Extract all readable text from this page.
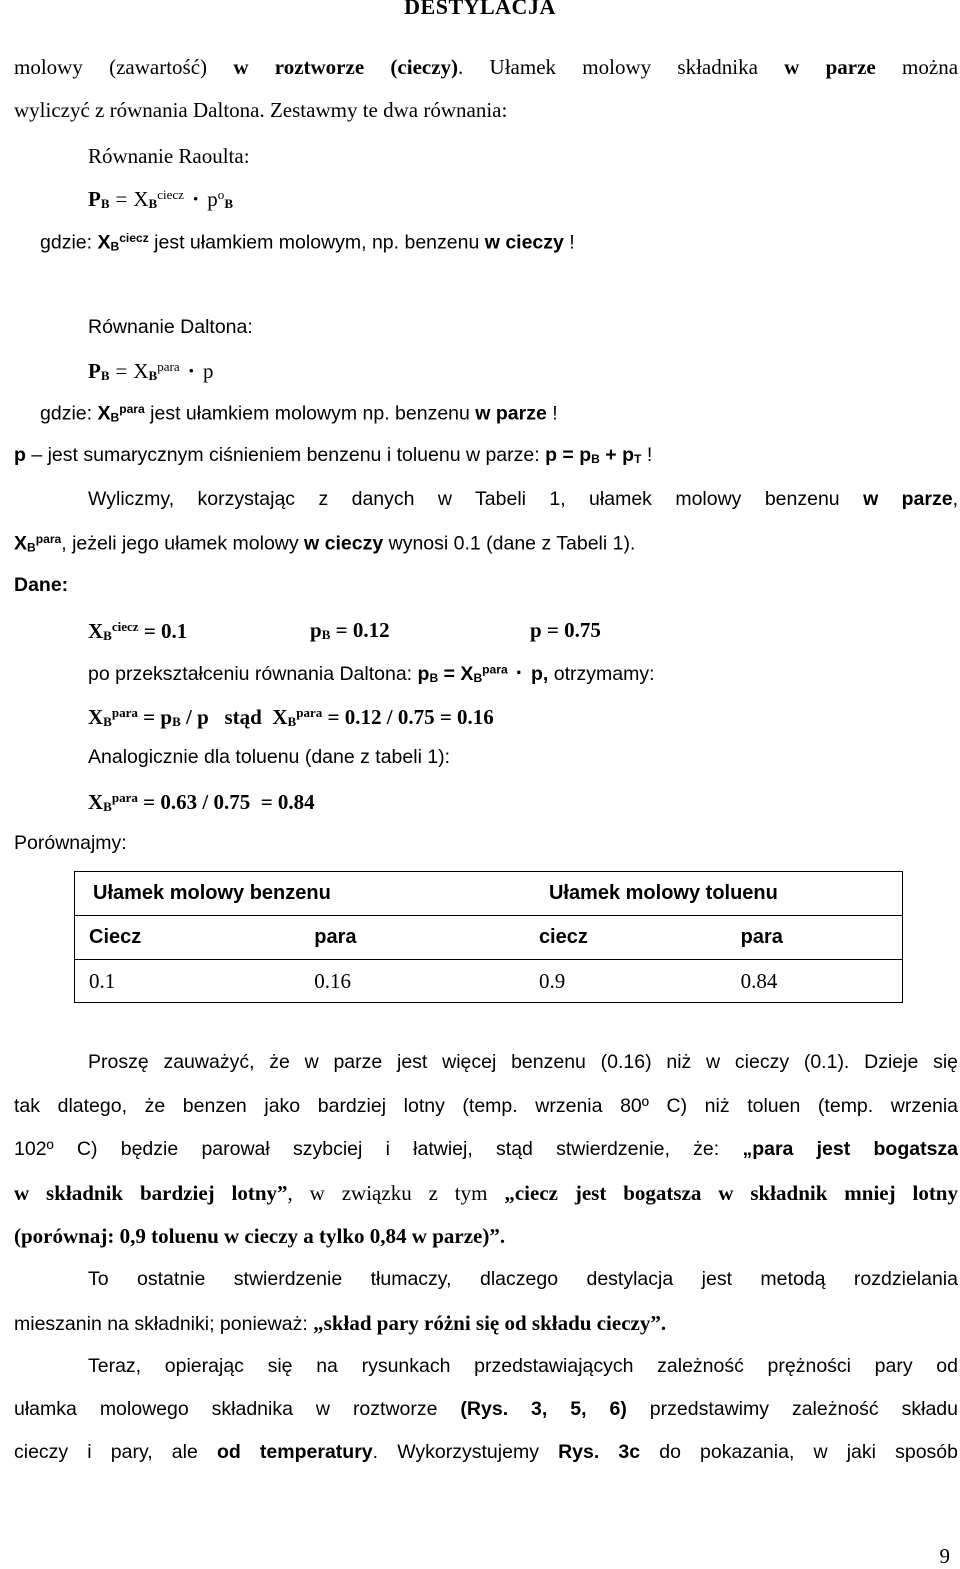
DESTYLACJA
molowy (zawartość) w roztworze (cieczy). Ułamek molowy składnika w parze można
wyliczyć z równania Daltona. Zestawmy te dwa równania:
Równanie Raoulta:
$P_B = X_B^{ciecz} \cdot p^o_B$
gdzie: $X_B^{ciecz}$ jest ułamkiem molowym, np. benzenu w cieczy !
Równanie Daltona:
$P_B = X_B^{para} \cdot p$
gdzie: $X_B^{para}$ jest ułamkiem molowym np. benzenu w parze !
p – jest sumarycznym ciśnieniem benzenu i toluenu w parze: $p = p_B + p_T$ !
Wyliczmy, korzystając z danych w Tabeli 1, ułamek molowy benzenu w parze,
$X_B^{para}$, jeżeli jego ułamek molowy w cieczy wynosi 0.1 (dane z Tabeli 1).
Dane:
$X_B^{ciecz} = 0.1$	$p_B = 0.12$	p = 0.75
po przekształceniu równania Daltona: $p_B = X_B^{para} \cdot p$, otrzymamy:
$X_B^{para} = p_B / p$   stąd  $X_B^{para} = 0.12 / 0.75 = 0.16$
Analogicznie dla toluenu (dane z tabeli 1):
$X_B^{para} = 0.63 / 0.75 = 0.84$
Porównajmy:
Ułamek molowy benzenu		Ułamek molowy toluenu	
Ciecz	para	ciecz	para
0.1	0.16	0.9	0.84
Proszę zauważyć, że w parze jest więcej benzenu (0.16) niż w cieczy (0.1). Dzieje się
tak dlatego, że benzen jako bardziej lotny (temp. wrzenia 80º C) niż toluen (temp. wrzenia
102º C) będzie parował szybciej i łatwiej, stąd stwierdzenie, że: „para jest bogatsza
w składnik bardziej lotny”, w związku z tym „ciecz jest bogatsza w składnik mniej lotny
(porównaj: 0,9 toluenu w cieczy a tylko 0,84 w parze)”.
To ostatnie stwierdzenie tłumaczy, dlaczego destylacja jest metodą rozdzielania
mieszanin na składniki; ponieważ: „skład pary różni się od składu cieczy”.
Teraz, opierając się na rysunkach przedstawiających zależność prężności pary od
ułamka molowego składnika w roztworze (Rys. 3, 5, 6) przedstawimy zależność składu
cieczy i pary, ale od temperatury. Wykorzystujemy Rys. 3c do pokazania, w jaki sposób
9
